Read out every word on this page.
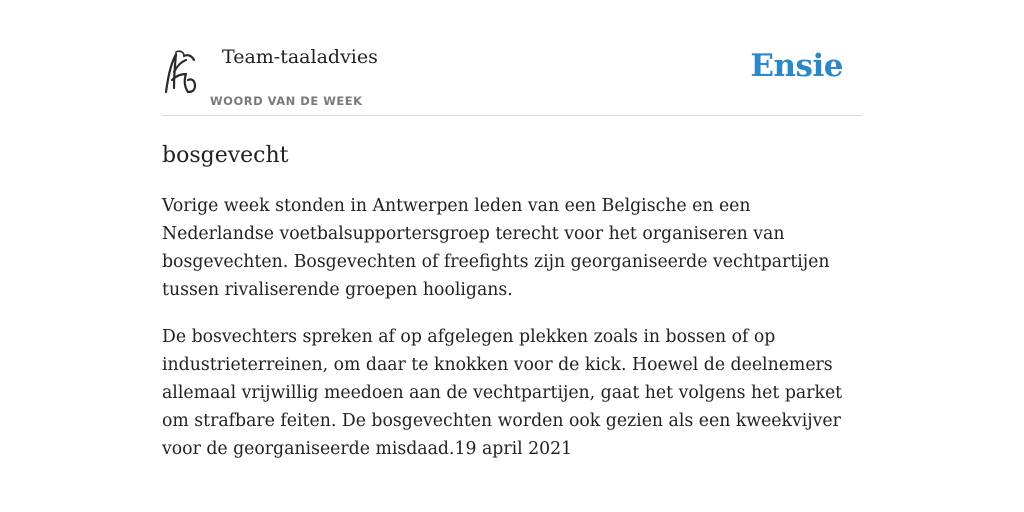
Team-taaladvies
WOORD VAN DE WEEK
Ensie
bosgevecht

Vorige week stonden in Antwerpen leden van een Belgische en een Nederlandse voetbalsupportersgroep terecht voor het organiseren van bosgevechten. Bosgevechten of freefights zijn georganiseerde vechtpartijen tussen rivaliserende groepen hooligans.

De bosvechters spreken af op afgelegen plekken zoals in bossen of op industrieterreinen, om daar te knokken voor de kick. Hoewel de deelnemers allemaal vrijwillig meedoen aan de vechtpartijen, gaat het volgens het parket om strafbare feiten. De bosgevechten worden ook gezien als een kweekvijver voor de georganiseerde misdaad.19 april 2021
